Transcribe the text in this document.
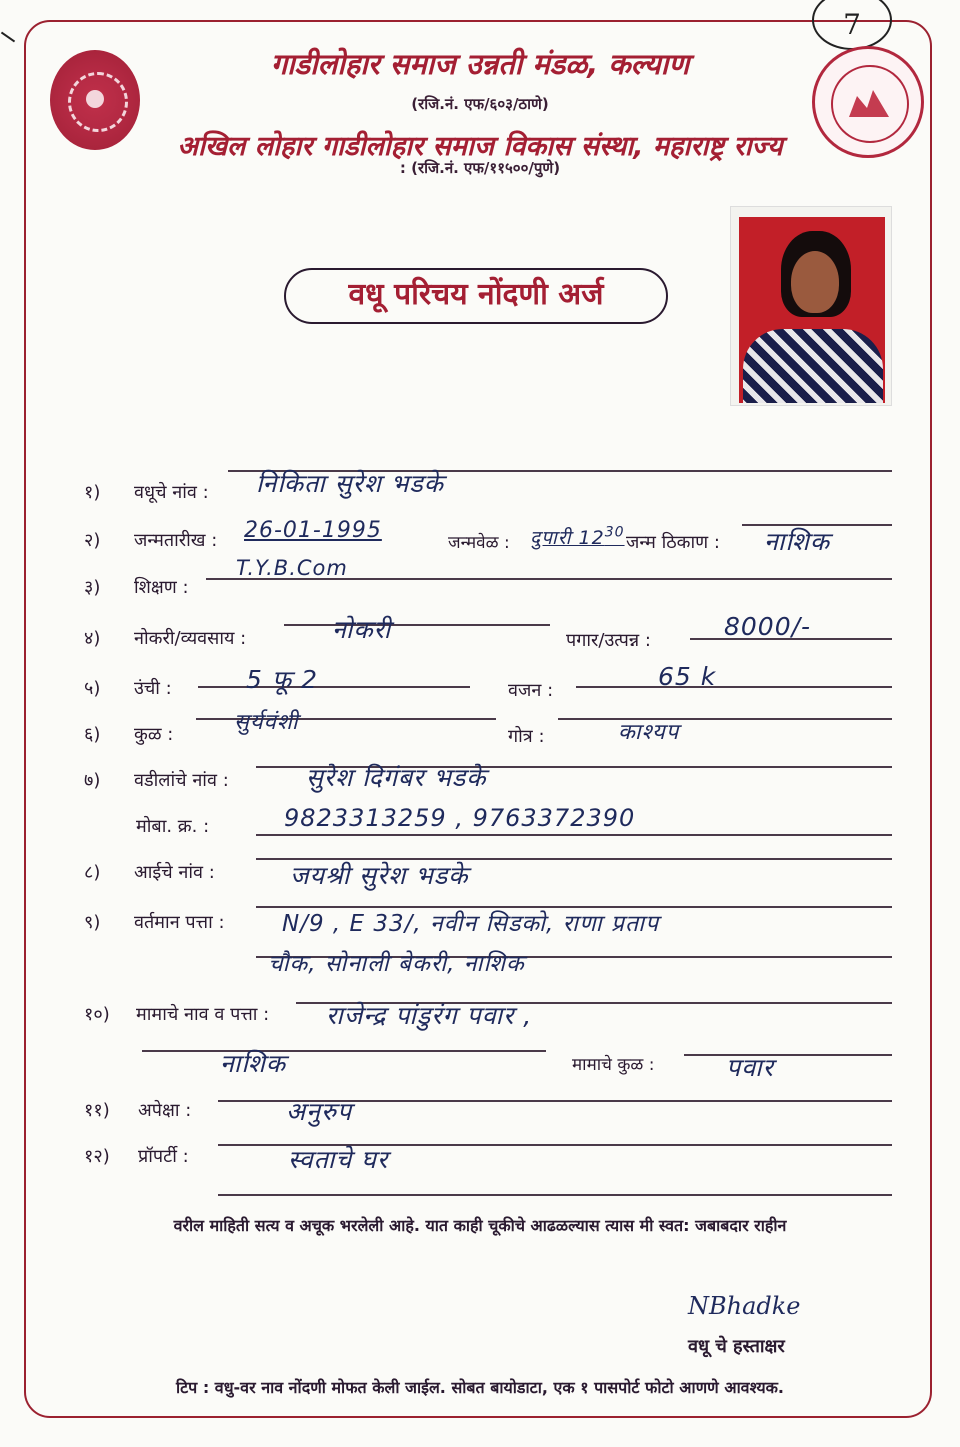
7
गाडीलोहार समाज उन्नती मंडळ, कल्याण
(रजि.नं. एफ/६०३/ठाणे)
अखिल लोहार गाडीलोहार समाज विकास संस्था, महाराष्ट्र राज्य
: (रजि.नं. एफ/११५००/पुणे)
वधू परिचय नोंदणी अर्ज
१) वधूचे नांव : निकिता सुरेश भडके
२) जन्मतारीख : 26-01-1995	जन्मवेळ : दुपारी $12^{30}$ जन्म ठिकाण : नाशिक
३) शिक्षण :
T.Y.B.Com
४) नोकरी/व्यवसाय :	नोकरी	पगार/उत्पन्न :	8000/-
५) उंची :	5 फू 2	वजन :	65 k
६) कुळ :	सुर्यवंशी
गोत्र :	काश्यप
७) वडीलांचे नांव :	सुरेश दिगंबर भडके
मोबा. क्र. :	9823313259 , 9763372390
८) आईचे नांव :	जयश्री सुरेश भडके
९) वर्तमान पत्ता : N/9 , E 33/, नवीन सिडको, राणा प्रताप
चौक, सोनाली बेकरी, नाशिक
१०) मामाचे नाव व पत्ता : राजेन्द्र पांडुरंग पवार ,
नाशिक	मामाचे कुळ :	पवार
११) अपेक्षा :	अनुरुप
१२) प्रॉपर्टी :	स्वताचे घर
वरील माहिती सत्य व अचूक भरलेली आहे. यात काही चूकीचे आढळल्यास त्यास मी स्वत: जबाबदार राहीन
NBhadke
वधू चे हस्ताक्षर
टिप : वधु-वर नाव नोंदणी मोफत केली जाईल. सोबत बायोडाटा, एक १ पासपोर्ट फोटो आणणे आवश्यक.
